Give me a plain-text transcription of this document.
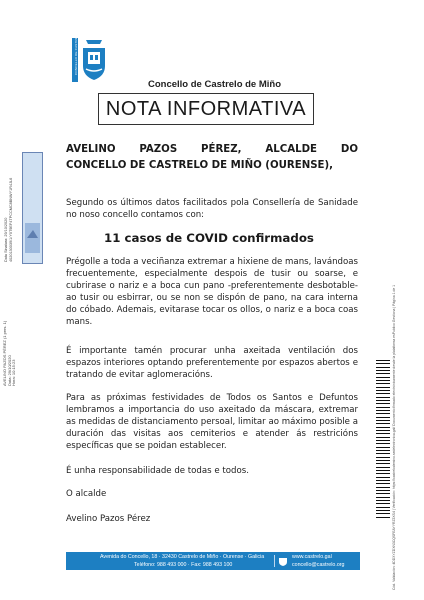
CONCELLO DE CASTRELO DE MIÑO
Concello de Castrelo de Miño
NOTA INFORMATIVA
AVELINO PAZOS PÉREZ, ALCALDE DO
CONCELLO DE CASTRELO DE MIÑO (OURENSE),
Segundo os últimos datos facilitados pola Consellería de Sanidade no noso concello contamos con:
11 casos de COVID confirmados
Prégolle a toda a veciñanza extremar a hixiene de mans, lavándoas frecuentemente, especialmente despois de tusir ou soarse, e cubrirase o nariz e a boca cun pano -preferentemente desbotable- ao tusir ou esbirrar, ou se non se dispón de pano, na cara interna do cóbado. Ademais, evitarase tocar os ollos, o nariz e a boca coas mans.
É importante tamén procurar unha axeitada ventilación dos espazos interiores optando preferentemente por espazos abertos e tratando de evitar aglomeracións.
Para as próximas festividades de Todos os Santos e Defuntos lembramos a importancia do uso axeitado da máscara, extremar as medidas de distanciamento persoal, limitar ao máximo posible a duración das visitas aos cemiterios e atender ás restricións específicas que se poidan establecer.
É unha responsabilidade de todas e todos.
O alcalde
Avelino Pazos Pérez
AVELINO PAZOS PÉREZ (1 pers. 1) Data: 29/10/2020 Hora: 10:15:23
Data Sinatura: 29/10/2020 4020130039/1/Y0T9EF4TPCCMC8BNWY1R4JL6
Cód. Validación: 4DDXYZDXN3CQSFEAYYRZ3XS4 | Verificación: https://castrelodemino.sedelectronica.gal/ Documento firmado electrónicamente desde la plataforma esPublico Gestiona | Página 1 de 1
Avenida do Concello, 18 · 32430 Castrelo de Miño · Ourense · Galicia
Teléfono: 988 493 000 · Fax: 988 493 100
www.castrelo.gal
concello@castrelo.org
